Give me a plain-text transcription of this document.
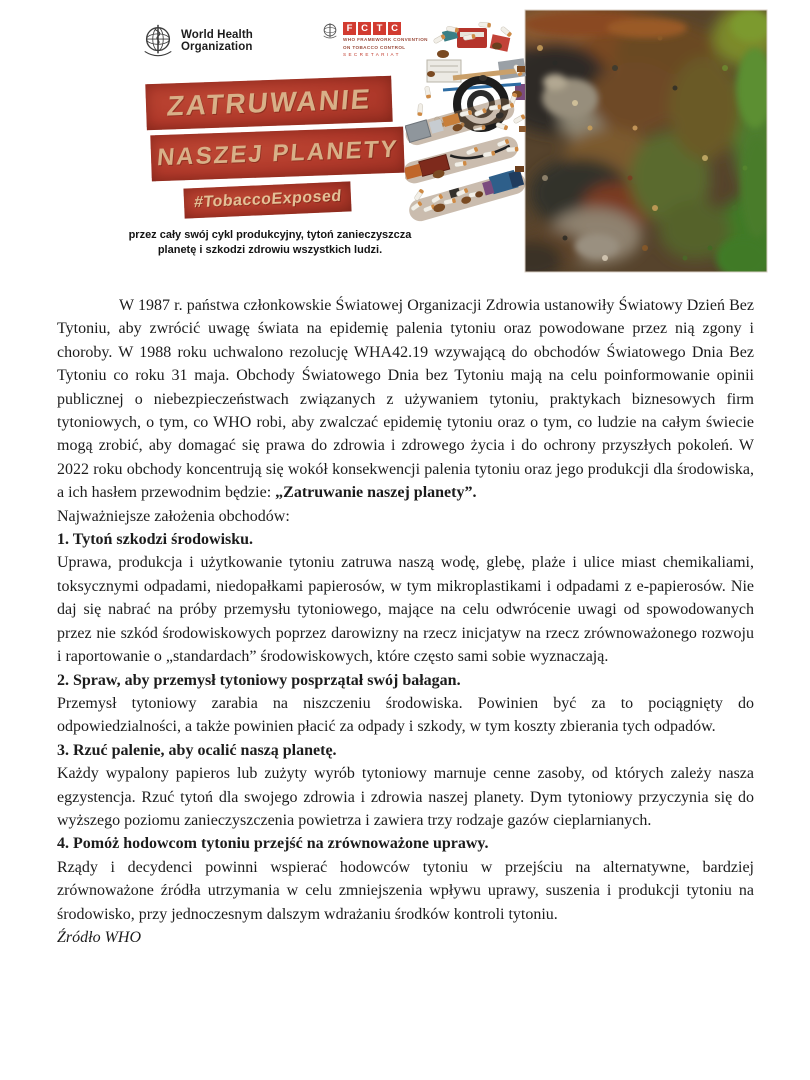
World Health
Organization
F C T C
WHO FRAMEWORK CONVENTION
ON TOBACCO CONTROL
SECRETARIAT
ZATRUWANIE
NASZEJ PLANETY
#TobaccoExposed
przez cały swój cykl produkcyjny, tytoń zanieczyszcza
planetę i szkodzi zdrowiu wszystkich ludzi.

W 1987 r. państwa członkowskie Światowej Organizacji Zdrowia ustanowiły Światowy Dzień Bez Tytoniu, aby zwrócić uwagę świata na epidemię palenia tytoniu oraz powodowane przez nią zgony i choroby. W 1988 roku uchwalono rezolucję WHA42.19 wzywającą do obchodów Światowego Dnia Bez Tytoniu co roku 31 maja. Obchody Światowego Dnia bez Tytoniu mają na celu poinformowanie opinii publicznej o niebezpieczeństwach związanych z używaniem tytoniu, praktykach biznesowych firm tytoniowych, o tym, co WHO robi, aby zwalczać epidemię tytoniu oraz o tym, co ludzie na całym świecie mogą zrobić, aby domagać się prawa do zdrowia i zdrowego życia i do ochrony przyszłych pokoleń. W 2022 roku obchody koncentrują się wokół konsekwencji palenia tytoniu oraz jego produkcji dla środowiska, a ich hasłem przewodnim będzie: „Zatruwanie naszej planety”.

Najważniejsze założenia obchodów:

1. Tytoń szkodzi środowisku.

Uprawa, produkcja i użytkowanie tytoniu zatruwa naszą wodę, glebę, plaże i ulice miast chemikaliami, toksycznymi odpadami, niedopałkami papierosów, w tym mikroplastikami i odpadami z e-papierosów. Nie daj się nabrać na próby przemysłu tytoniowego, mające na celu odwrócenie uwagi od spowodowanych przez nie szkód środowiskowych poprzez darowizny na rzecz inicjatyw na rzecz zrównoważonego rozwoju i raportowanie o „standardach” środowiskowych, które często sami sobie wyznaczają.

2. Spraw, aby przemysł tytoniowy posprzątał swój bałagan.

Przemysł tytoniowy zarabia na niszczeniu środowiska. Powinien być za to pociągnięty do odpowiedzialności, a także powinien płacić za odpady i szkody, w tym koszty zbierania tych odpadów.

3. Rzuć palenie, aby ocalić naszą planetę.

Każdy wypalony papieros lub zużyty wyrób tytoniowy marnuje cenne zasoby, od których zależy nasza egzystencja. Rzuć tytoń dla swojego zdrowia i zdrowia naszej planety. Dym tytoniowy przyczynia się do wyższego poziomu zanieczyszczenia powietrza i zawiera trzy rodzaje gazów cieplarnianych.

4. Pomóż hodowcom tytoniu przejść na zrównoważone uprawy.

Rządy i decydenci powinni wspierać hodowców tytoniu w przejściu na alternatywne, bardziej zrównoważone źródła utrzymania w celu zmniejszenia wpływu uprawy, suszenia i produkcji tytoniu na środowisko, przy jednoczesnym dalszym wdrażaniu środków kontroli tytoniu.

Źródło WHO
